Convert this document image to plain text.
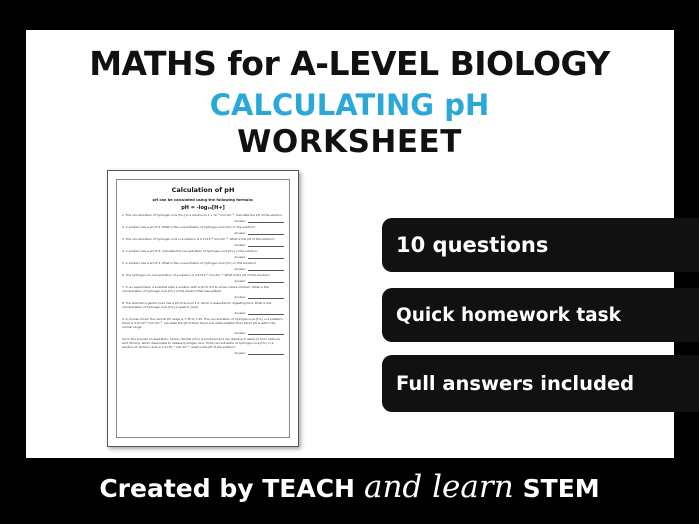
MATHS for A-LEVEL BIOLOGY
CALCULATING pH
WORKSHEET
Calculation of pH
pH can be calculated using the following formula:
pH = -log₁₀[H+]
1. The concentration of hydrogen ions [H+] in a solution is 1 x 10⁻⁵ mol dm⁻³. Calculate the pH of the solution.
Answer:
2. A solution has a pH of 4. What is the concentration of hydrogen ions [H+] in the solution?
Answer:
3. The concentration of hydrogen ions in a solution is 2.3×10⁻⁴ mol dm⁻³. What is the pH of the solution?
Answer:
4. A solution has a pH of 9. Calculate the concentration of hydrogen ions [H+] in the solution.
Answer:
5. A solution has a pH of 3. What is the concentration of hydrogen ions [H+] in this solution?
Answer:
6. The hydrogen ion concentration of a solution is 3.6×10⁻⁸ mol dm⁻³. What is the pH of this solution?
Answer:
7. In an experiment, a scientist adds a solution with a pH of 9.5 to some culture medium. What is the concentration of hydrogen ions [H+] in the solution that was added?
Answer:
8. The stomach's gastric juice has a pH of around 1.5, which is essential for digesting food. What is the concentration of hydrogen ions [H+] in gastric juice?
Answer:
9. In human blood, the normal pH range is 7.35 to 7.45. The concentration of hydrogen ions [H+] in a patient's blood is 4.0×10⁻⁸ mol dm⁻³, calculate the pH of their blood and state whether their blood pH is within the normal range.
Answer:
10. In the process of respiration, carbon dioxide (CO₂) is produced and can dissolve in water to form carbonic acid (H₂CO₃), which dissociates to release hydrogen ions. If the concentration of hydrogen ions [H+] in a solution of carbonic acid is 1.2×10⁻⁵ mol dm⁻³, what is the pH of the solution?
Answer:
10 questions
Quick homework task
Full answers included
Created by TEACH and learn STEM
